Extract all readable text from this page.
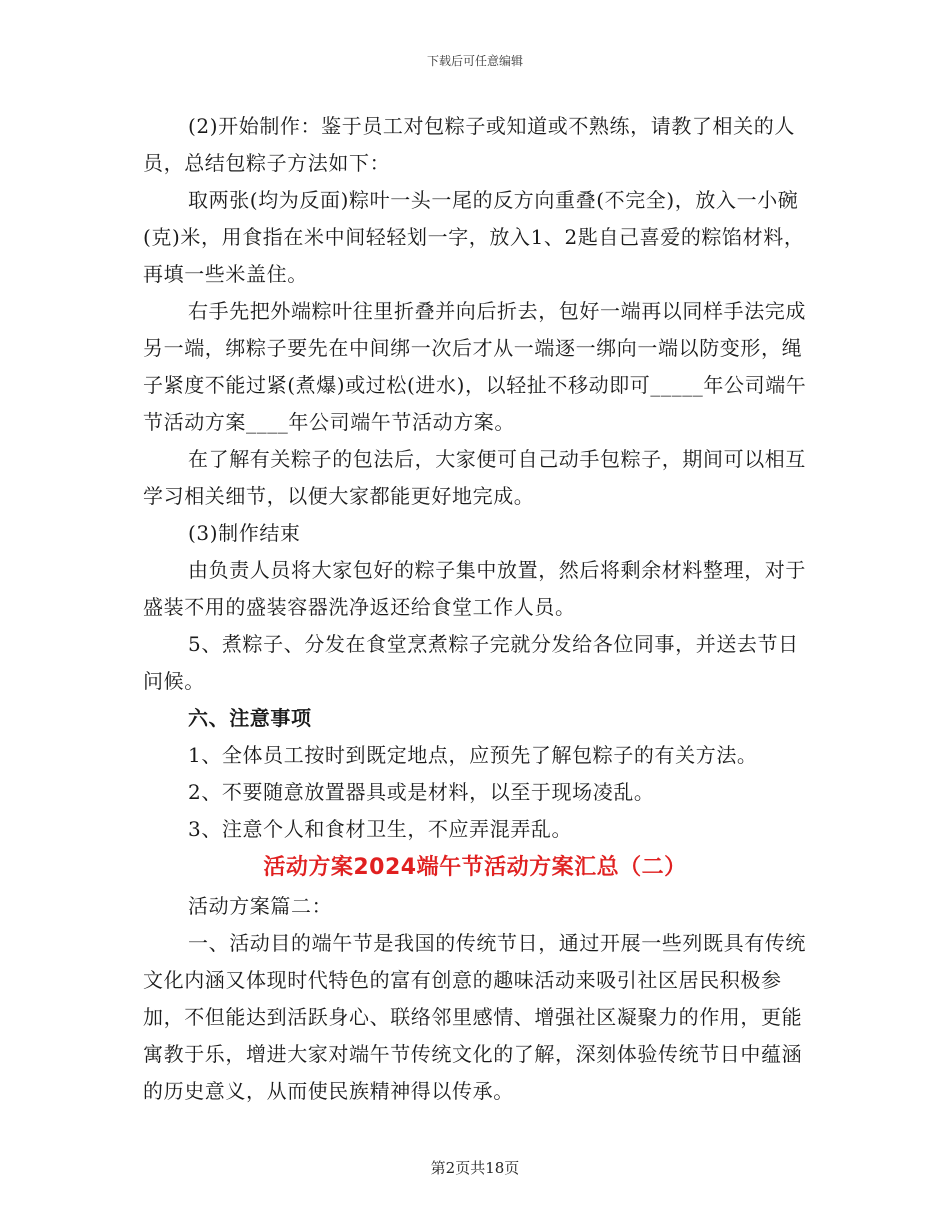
下载后可任意编辑

(2)开始制作：鉴于员工对包粽子或知道或不熟练，请教了相关的人员，总结包粽子方法如下：

取两张(均为反面)粽叶一头一尾的反方向重叠(不完全)，放入一小碗(克)米，用食指在米中间轻轻划一字，放入1、2匙自己喜爱的粽馅材料，再填一些米盖住。

右手先把外端粽叶往里折叠并向后折去，包好一端再以同样手法完成另一端，绑粽子要先在中间绑一次后才从一端逐一绑向一端以防变形，绳子紧度不能过紧(煮爆)或过松(进水)，以轻扯不移动即可_____年公司端午节活动方案____年公司端午节活动方案。

在了解有关粽子的包法后，大家便可自己动手包粽子，期间可以相互学习相关细节，以便大家都能更好地完成。

(3)制作结束

由负责人员将大家包好的粽子集中放置，然后将剩余材料整理，对于盛装不用的盛装容器洗净返还给食堂工作人员。

5、煮粽子、分发在食堂烹煮粽子完就分发给各位同事，并送去节日问候。

六、注意事项

1、全体员工按时到既定地点，应预先了解包粽子的有关方法。

2、不要随意放置器具或是材料，以至于现场凌乱。

3、注意个人和食材卫生，不应弄混弄乱。

活动方案2024端午节活动方案汇总（二）

活动方案篇二：

一、活动目的端午节是我国的传统节日，通过开展一些列既具有传统文化内涵又体现时代特色的富有创意的趣味活动来吸引社区居民积极参加，不但能达到活跃身心、联络邻里感情、增强社区凝聚力的作用，更能寓教于乐，增进大家对端午节传统文化的了解，深刻体验传统节日中蕴涵的历史意义，从而使民族精神得以传承。

第2页共18页
